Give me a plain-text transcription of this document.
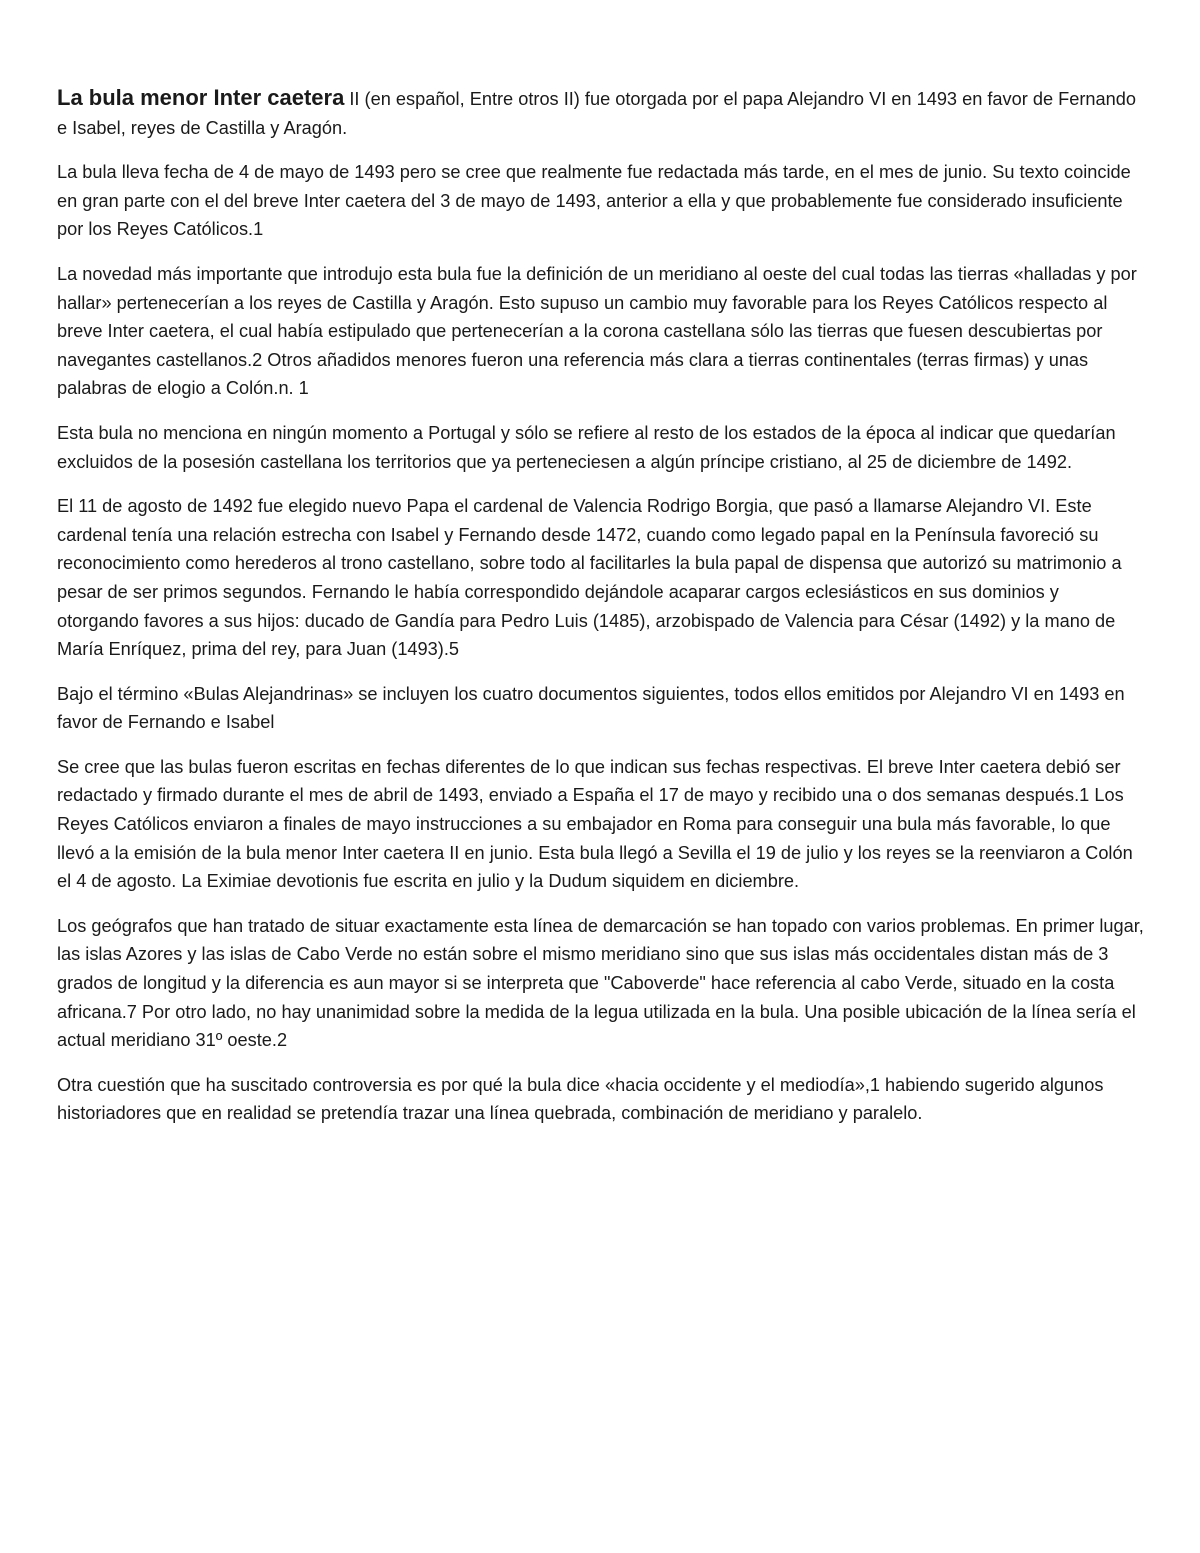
La bula menor Inter caetera II (en español, Entre otros II) fue otorgada por el papa Alejandro VI en 1493 en favor de Fernando e Isabel, reyes de Castilla y Aragón.

La bula lleva fecha de 4 de mayo de 1493 pero se cree que realmente fue redactada más tarde, en el mes de junio. Su texto coincide en gran parte con el del breve Inter caetera del 3 de mayo de 1493, anterior a ella y que probablemente fue considerado insuficiente por los Reyes Católicos.1

La novedad más importante que introdujo esta bula fue la definición de un meridiano al oeste del cual todas las tierras «halladas y por hallar» pertenecerían a los reyes de Castilla y Aragón. Esto supuso un cambio muy favorable para los Reyes Católicos respecto al breve Inter caetera, el cual había estipulado que pertenecerían a la corona castellana sólo las tierras que fuesen descubiertas por navegantes castellanos.2 Otros añadidos menores fueron una referencia más clara a tierras continentales (terras firmas) y unas palabras de elogio a Colón.n. 1

Esta bula no menciona en ningún momento a Portugal y sólo se refiere al resto de los estados de la época al indicar que quedarían excluidos de la posesión castellana los territorios que ya perteneciesen a algún príncipe cristiano, al 25 de diciembre de 1492.

El 11 de agosto de 1492 fue elegido nuevo Papa el cardenal de Valencia Rodrigo Borgia, que pasó a llamarse Alejandro VI. Este cardenal tenía una relación estrecha con Isabel y Fernando desde 1472, cuando como legado papal en la Península favoreció su reconocimiento como herederos al trono castellano, sobre todo al facilitarles la bula papal de dispensa que autorizó su matrimonio a pesar de ser primos segundos. Fernando le había correspondido dejándole acaparar cargos eclesiásticos en sus dominios y otorgando favores a sus hijos: ducado de Gandía para Pedro Luis (1485), arzobispado de Valencia para César (1492) y la mano de María Enríquez, prima del rey, para Juan (1493).5

Bajo el término «Bulas Alejandrinas» se incluyen los cuatro documentos siguientes, todos ellos emitidos por Alejandro VI en 1493 en favor de Fernando e Isabel

Se cree que las bulas fueron escritas en fechas diferentes de lo que indican sus fechas respectivas. El breve Inter caetera debió ser redactado y firmado durante el mes de abril de 1493, enviado a España el 17 de mayo y recibido una o dos semanas después.1 Los Reyes Católicos enviaron a finales de mayo instrucciones a su embajador en Roma para conseguir una bula más favorable, lo que llevó a la emisión de la bula menor Inter caetera II en junio. Esta bula llegó a Sevilla el 19 de julio y los reyes se la reenviaron a Colón el 4 de agosto. La Eximiae devotionis fue escrita en julio y la Dudum siquidem en diciembre.

Los geógrafos que han tratado de situar exactamente esta línea de demarcación se han topado con varios problemas. En primer lugar, las islas Azores y las islas de Cabo Verde no están sobre el mismo meridiano sino que sus islas más occidentales distan más de 3 grados de longitud y la diferencia es aun mayor si se interpreta que "Caboverde" hace referencia al cabo Verde, situado en la costa africana.7 Por otro lado, no hay unanimidad sobre la medida de la legua utilizada en la bula. Una posible ubicación de la línea sería el actual meridiano 31º oeste.2

Otra cuestión que ha suscitado controversia es por qué la bula dice «hacia occidente y el mediodía»,1 habiendo sugerido algunos historiadores que en realidad se pretendía trazar una línea quebrada, combinación de meridiano y paralelo.
